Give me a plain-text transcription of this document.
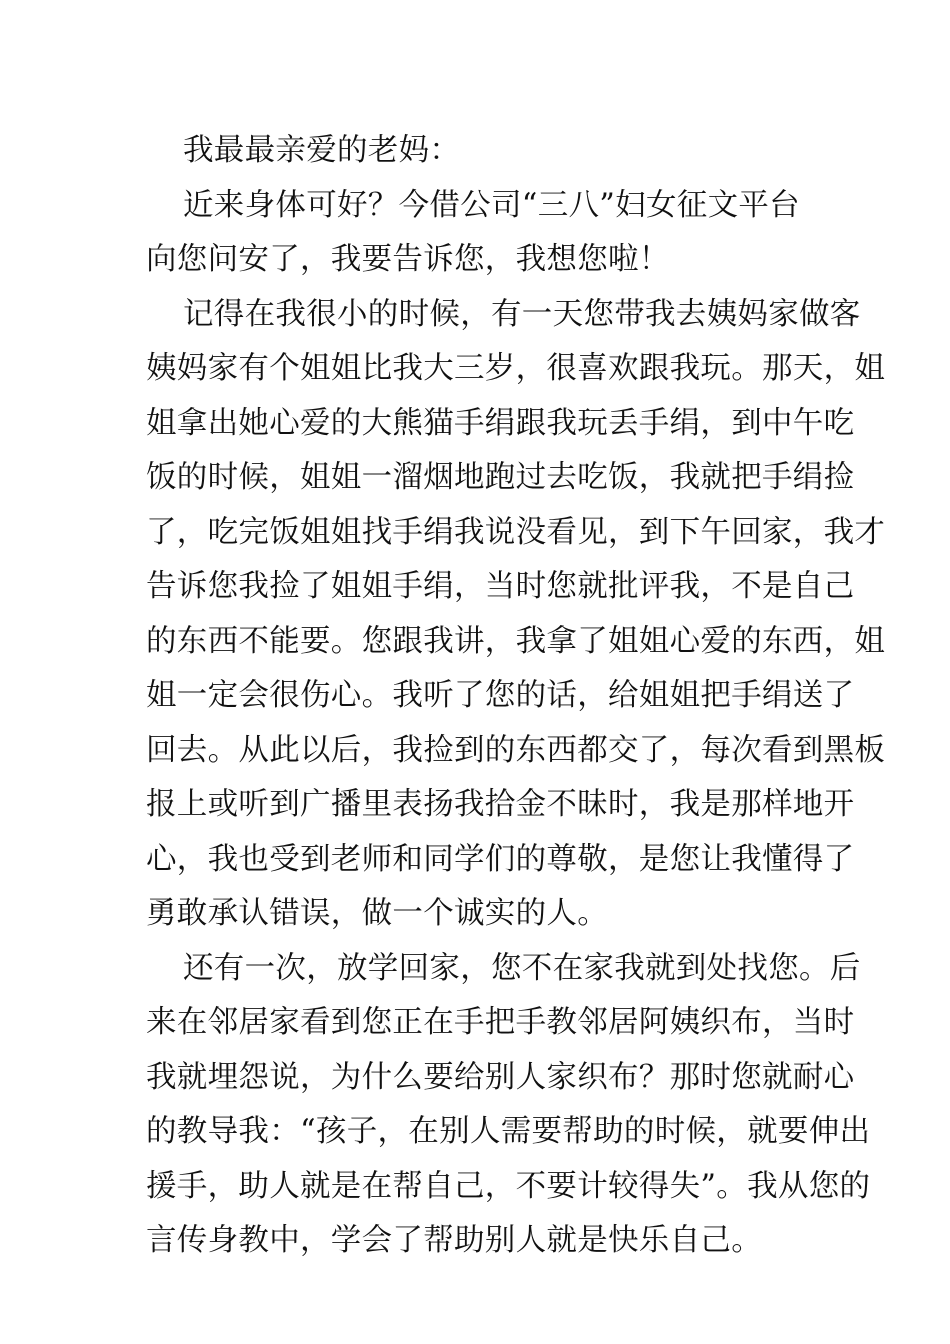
我最最亲爱的老妈：
近来身体可好？今借公司“三八”妇女征文平台
向您问安了，我要告诉您，我想您啦！
记得在我很小的时候，有一天您带我去姨妈家做客
姨妈家有个姐姐比我大三岁，很喜欢跟我玩。那天，姐
姐拿出她心爱的大熊猫手绢跟我玩丢手绢，到中午吃
饭的时候，姐姐一溜烟地跑过去吃饭，我就把手绢捡
了，吃完饭姐姐找手绢我说没看见，到下午回家，我才
告诉您我捡了姐姐手绢，当时您就批评我，不是自己
的东西不能要。您跟我讲，我拿了姐姐心爱的东西，姐
姐一定会很伤心。我听了您的话，给姐姐把手绢送了
回去。从此以后，我捡到的东西都交了，每次看到黑板
报上或听到广播里表扬我拾金不昧时，我是那样地开
心，我也受到老师和同学们的尊敬，是您让我懂得了
勇敢承认错误，做一个诚实的人。
还有一次，放学回家，您不在家我就到处找您。后
来在邻居家看到您正在手把手教邻居阿姨织布，当时
我就埋怨说，为什么要给别人家织布？那时您就耐心
的教导我：“孩子，在别人需要帮助的时候，就要伸出
援手，助人就是在帮自己，不要计较得失”。我从您的
言传身教中，学会了帮助别人就是快乐自己。
